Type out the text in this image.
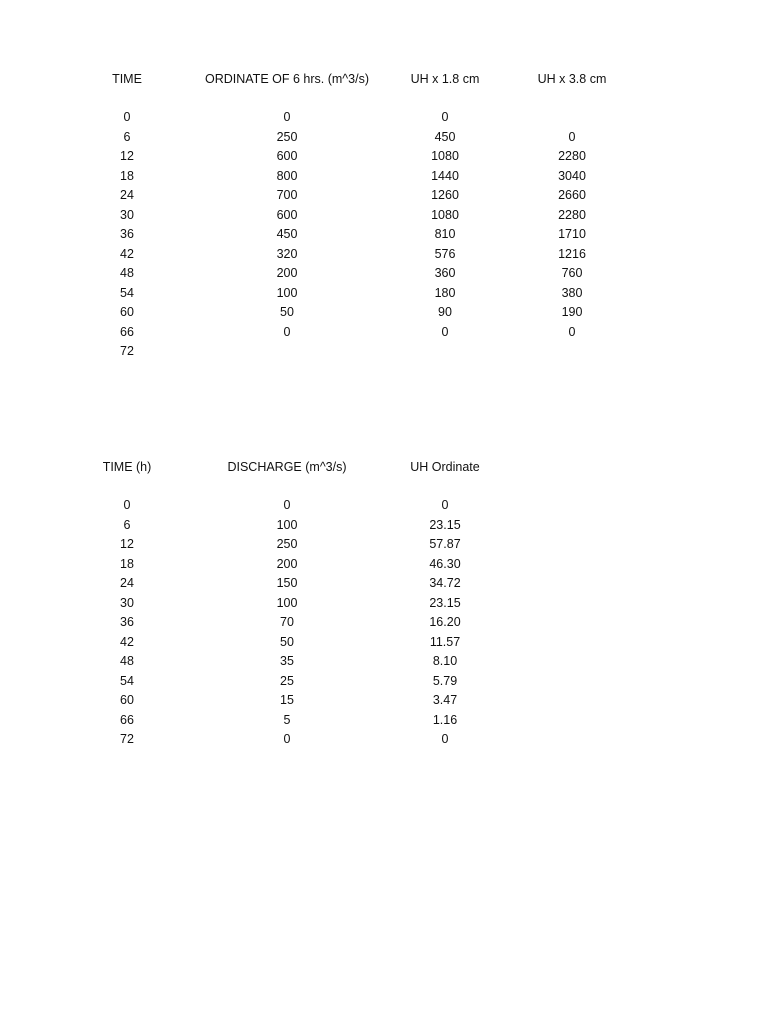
TIME	ORDINATE OF 6 hrs. (m^3/s)	UH x 1.8 cm	UH x 3.8 cm
0	0	0
6	250	450	0
12	600	1080	2280
18	800	1440	3040
24	700	1260	2660
30	600	1080	2280
36	450	810	1710
42	320	576	1216
48	200	360	760
54	100	180	380
60	50	90	190
66	0	0	0
72
TIME (h)	DISCHARGE (m^3/s)	UH Ordinate
0	0	0
6	100	23.15
12	250	57.87
18	200	46.30
24	150	34.72
30	100	23.15
36	70	16.20
42	50	11.57
48	35	8.10
54	25	5.79
60	15	3.47
66	5	1.16
72	0	0
